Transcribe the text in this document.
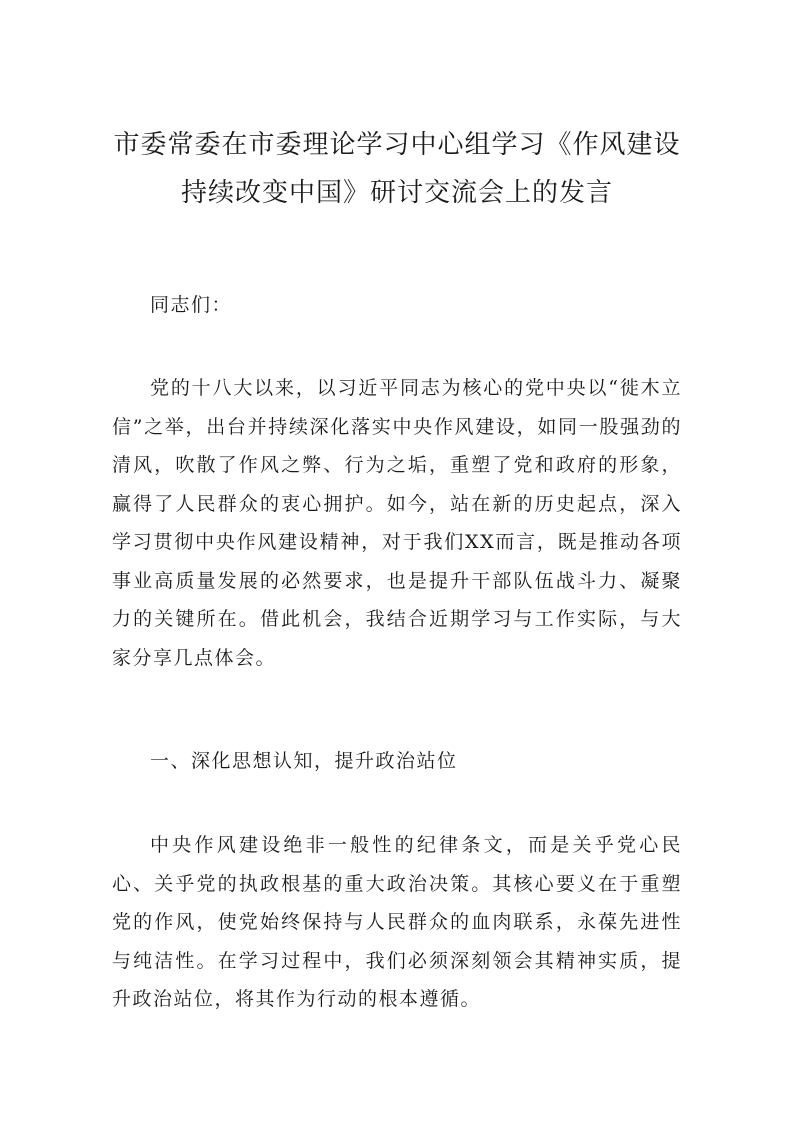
市委常委在市委理论学习中心组学习《作风建设持续改变中国》研讨交流会上的发言

同志们：

党的十八大以来，以习近平同志为核心的党中央以“徙木立信”之举，出台并持续深化落实中央作风建设，如同一股强劲的清风，吹散了作风之弊、行为之垢，重塑了党和政府的形象，赢得了人民群众的衷心拥护。如今，站在新的历史起点，深入学习贯彻中央作风建设精神，对于我们XX而言，既是推动各项事业高质量发展的必然要求，也是提升干部队伍战斗力、凝聚力的关键所在。借此机会，我结合近期学习与工作实际，与大家分享几点体会。

一、深化思想认知，提升政治站位

中央作风建设绝非一般性的纪律条文，而是关乎党心民心、关乎党的执政根基的重大政治决策。其核心要义在于重塑党的作风，使党始终保持与人民群众的血肉联系，永葆先进性与纯洁性。在学习过程中，我们必须深刻领会其精神实质，提升政治站位，将其作为行动的根本遵循。
